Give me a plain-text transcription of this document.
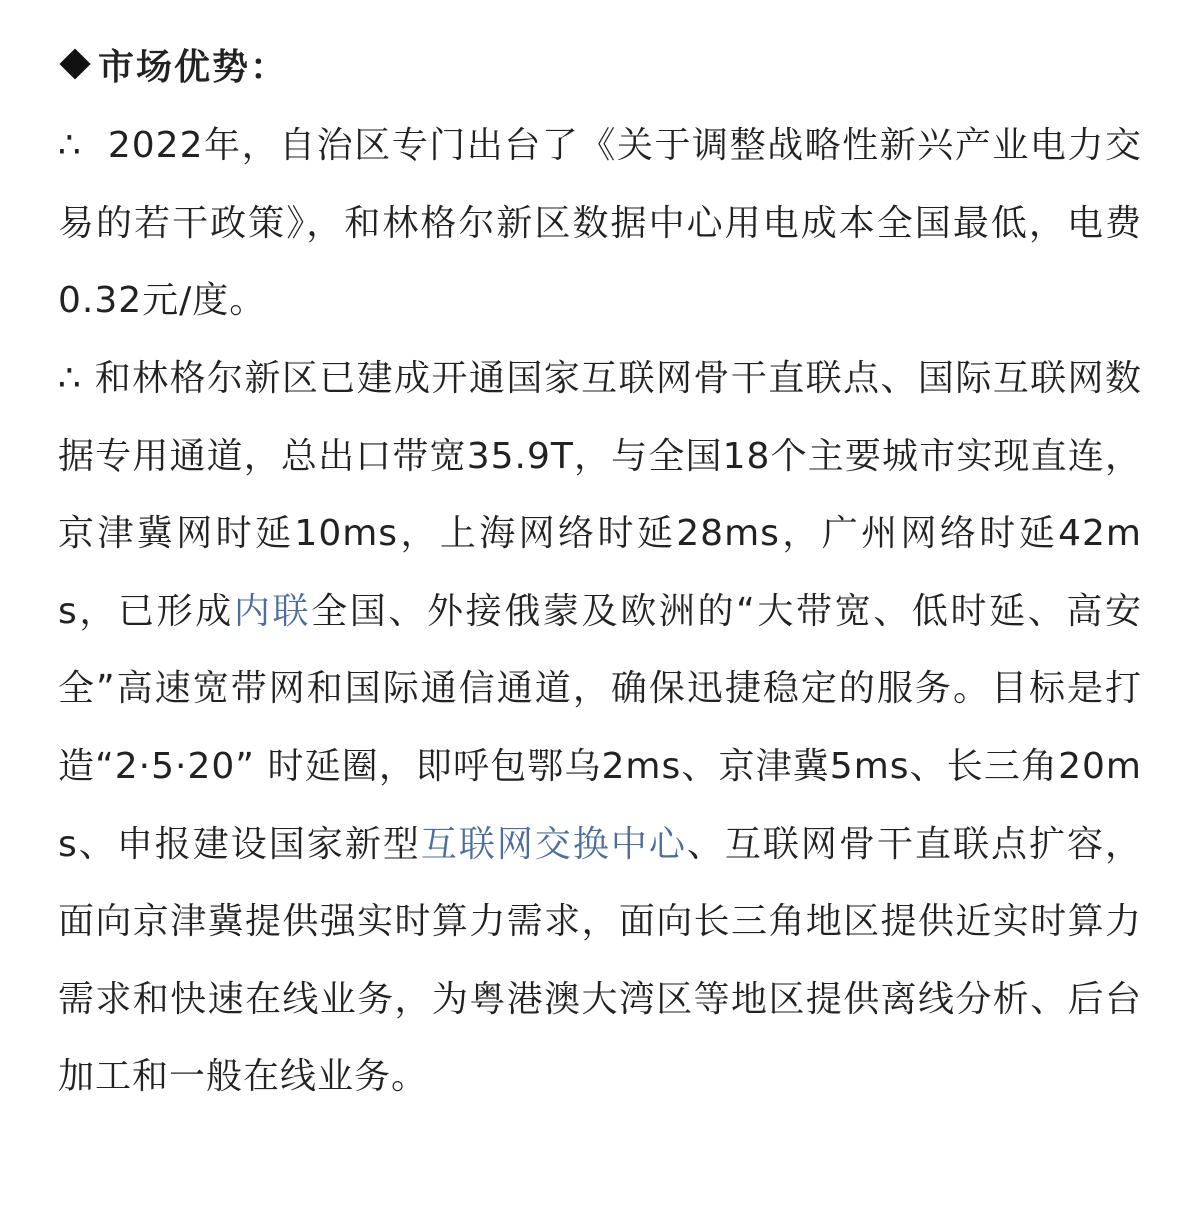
市场优势：
∴ 2022年，自治区专门出台了《关于调整战略性新兴产业电力交易的若干政策》，和林格尔新区数据中心用电成本全国最低，电费0.32元/度。
∴ 和林格尔新区已建成开通国家互联网骨干直联点、国际互联网数据专用通道，总出口带宽35.9T，与全国18个主要城市实现直连，京津冀网时延10ms，上海网络时延28ms，广州网络时延42ms，已形成内联全国、外接俄蒙及欧洲的“大带宽、低时延、高安全”高速宽带网和国际通信通道，确保迅捷稳定的服务。目标是打造“2·5·20” 时延圈，即呼包鄂乌2ms、京津冀5ms、长三角20ms、申报建设国家新型互联网交换中心、互联网骨干直联点扩容，面向京津冀提供强实时算力需求，面向长三角地区提供近实时算力需求和快速在线业务，为粤港澳大湾区等地区提供离线分析、后台加工和一般在线业务。
